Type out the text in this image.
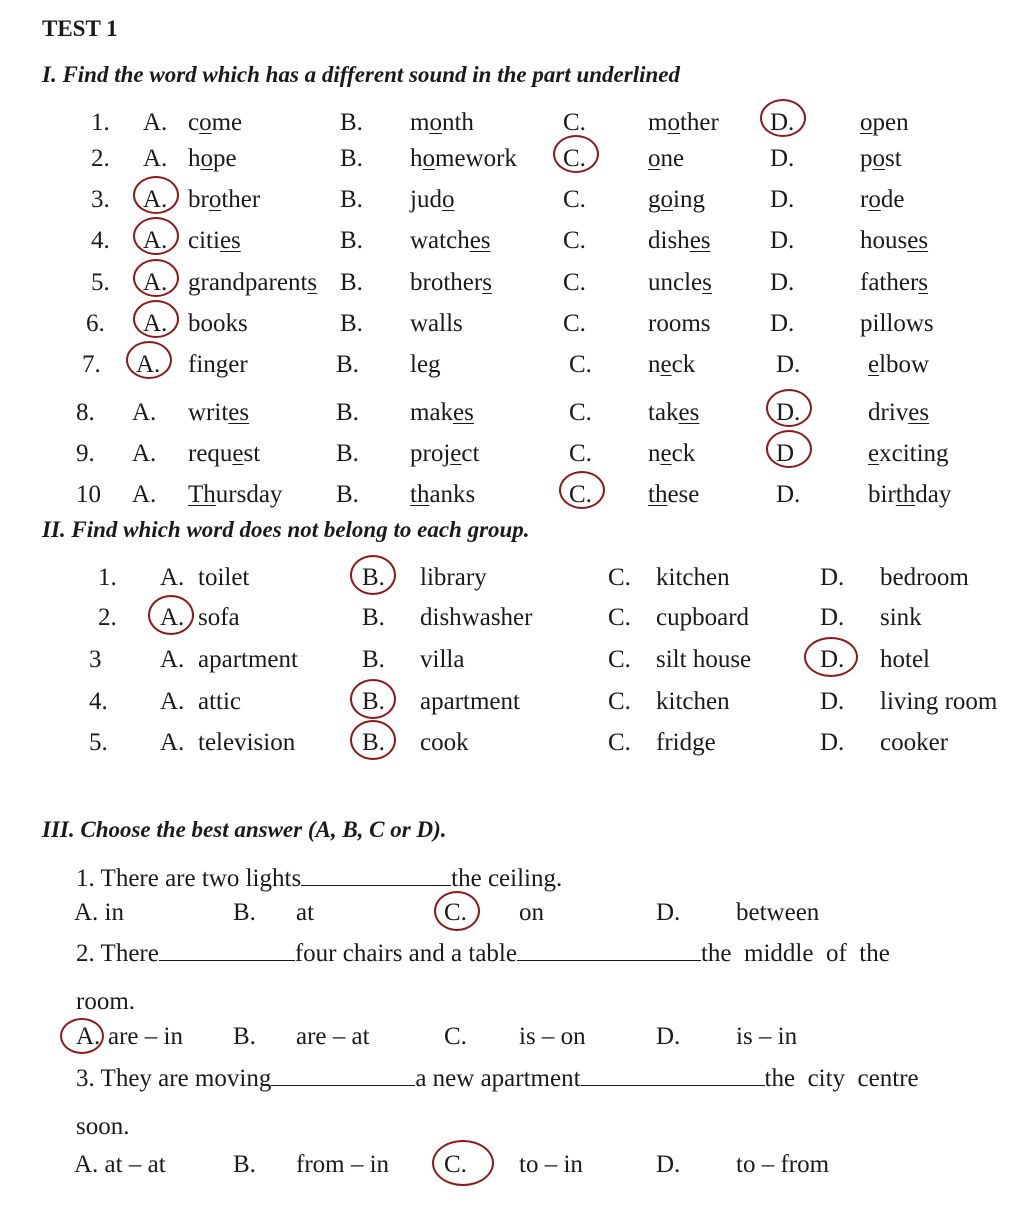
TEST 1
I. Find the word which has a different sound in the part underlined
1. A. come	B. month	C. mother D.	open
2. A. hope	B. homework C. one	D.	post
3. A. brother	B. judo	C. going	D.	rode
4. A. cities	B. watches	C. dishes D.	houses
5. A. grandparents B. brothers	C. uncles D.	fathers
6. A. books	B. walls	C. rooms D.	pillows
7. A. finger	B. leg	C. neck	D.	elbow
8. A. writes	B. makes	C. takes	D.	drives
9. A. request	B. project	C. neck	D	exciting
10 A. Thursday B. thanks	C. these	D.	birthday
II. Find which word does not belong to each group.
1. A. toilet	B. library	C. kitchen	D. bedroom
2. A. sofa	B. dishwasher	C. cupboard	D. sink
3 A. apartment	B. villa	C. silt house	D. hotel
4. A. attic	B. apartment	C. kitchen	D. living room
5. A. television	B. cook	C. fridge	D. cooker
III. Choose the best answer (A, B, C or D).
1. There are two lights	the ceiling.
A. in	B. at	C. on	D. between
2. There	four chairs and a table	the  middle  of  the
room.
A. are – in B. are – at	C. is – on	D. is – in
3. They are moving	a new apartment	the  city  centre
soon.
A. at – at	B. from – in C. to – in	D. to – from
